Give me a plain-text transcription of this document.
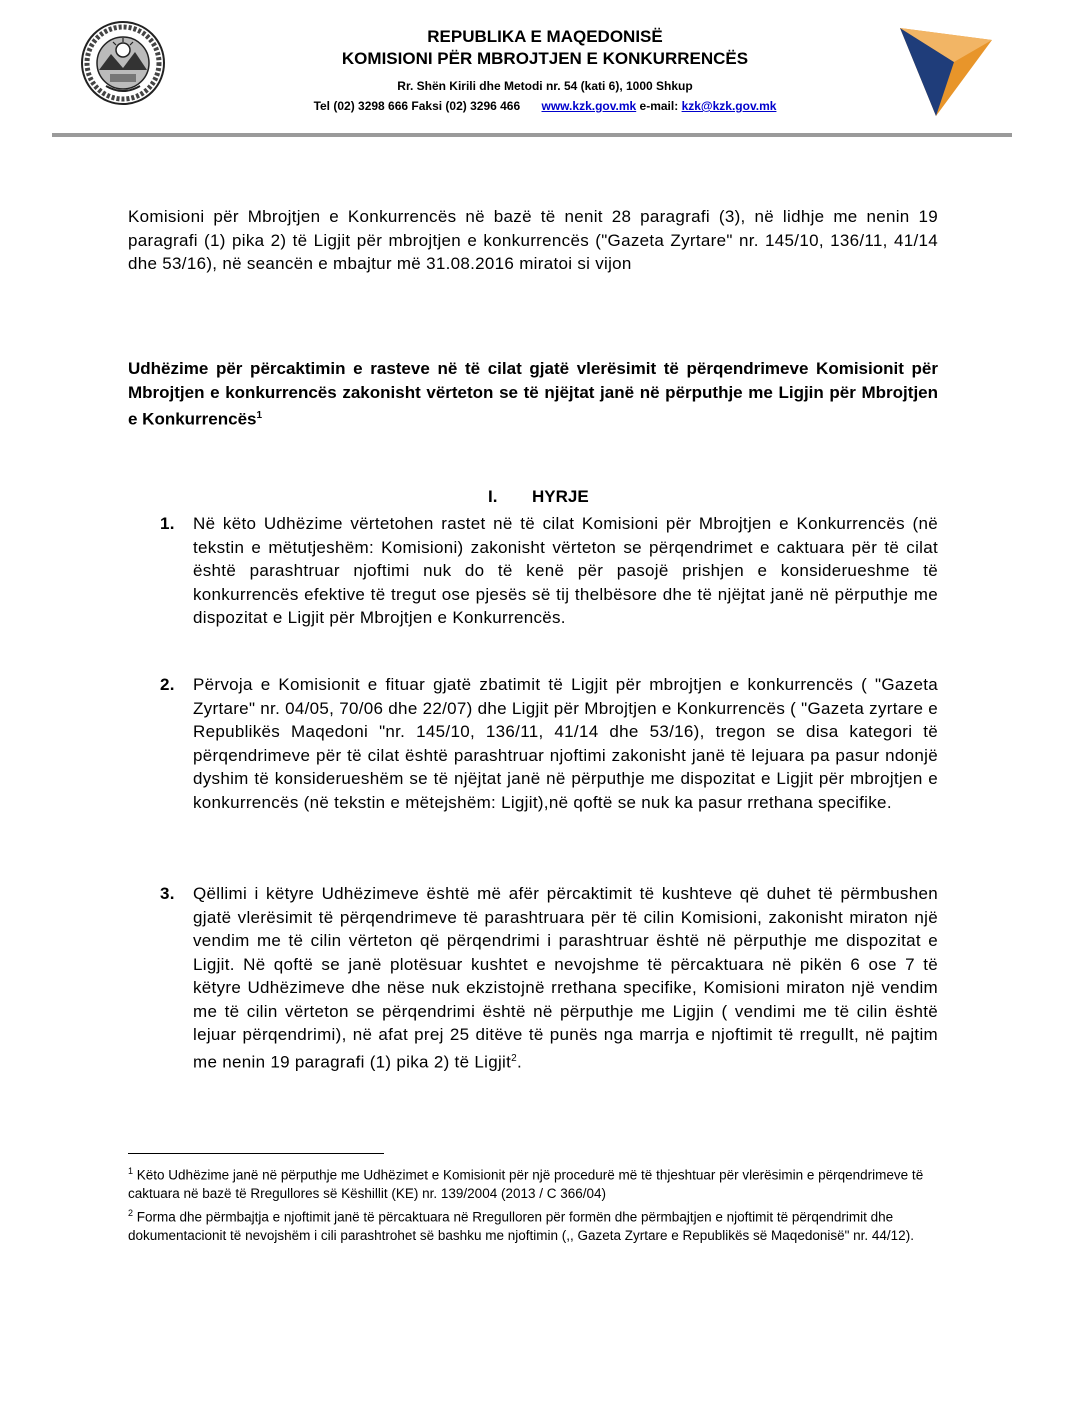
REPUBLIKA E MAQEDONISË
KOMISIONI PËR MBROJTJEN E KONKURRENCËS
Rr. Shën Kirili dhe Metodi nr. 54 (kati 6), 1000 Shkup
Tel (02) 3298 666 Faksi (02) 3296 466 www.kzk.gov.mk e-mail: kzk@kzk.gov.mk
Komisioni për Mbrojtjen e Konkurrencës në bazë të nenit 28 paragrafi (3), në lidhje me nenin 19 paragrafi (1) pika 2) të Ligjit për mbrojtjen e konkurrencës ("Gazeta Zyrtare" nr. 145/10, 136/11, 41/14 dhe 53/16), në seancën e mbajtur më 31.08.2016 miratoi si vijon
Udhëzime për përcaktimin e rasteve në të cilat gjatë vlerësimit të përqendrimeve Komisionit për Mbrojtjen e konkurrencës zakonisht vërteton se të njëjtat janë në përputhje me Ligjin për Mbrojtjen e Konkurrencës$^1$
I. HYRJE
1. Në këto Udhëzime vërtetohen rastet në të cilat Komisioni për Mbrojtjen e Konkurrencës (në tekstin e mëtutjeshëm: Komisioni) zakonisht vërteton se përqendrimet e caktuara për të cilat është parashtruar njoftimi nuk do të kenë për pasojë prishjen e konsiderueshme të konkurrencës efektive të tregut ose pjesës së tij thelbësore dhe të njëjtat janë në përputhje me dispozitat e Ligjit për Mbrojtjen e Konkurrencës.
2. Përvoja e Komisionit e fituar gjatë zbatimit të Ligjit për mbrojtjen e konkurrencës ( "Gazeta Zyrtare" nr. 04/05, 70/06 dhe 22/07) dhe Ligjit për Mbrojtjen e Konkurrencës ( "Gazeta zyrtare e Republikës Maqedoni "nr. 145/10, 136/11, 41/14 dhe 53/16), tregon se disa kategori të përqendrimeve për të cilat është parashtruar njoftimi zakonisht janë të lejuara pa pasur ndonjë dyshim të konsiderueshëm se të njëjtat janë në përputhje me dispozitat e Ligjit për mbrojtjen e konkurrencës (në tekstin e mëtejshëm: Ligjit),në qoftë se nuk ka pasur rrethana specifike.
3. Qëllimi i këtyre Udhëzimeve është më afër përcaktimit të kushteve që duhet të përmbushen gjatë vlerësimit të përqendrimeve të parashtruara për të cilin Komisioni, zakonisht miraton një vendim me të cilin vërteton që përqendrimi i parashtruar është në përputhje me dispozitat e Ligjit. Në qoftë se janë plotësuar kushtet e nevojshme të përcaktuara në pikën 6 ose 7 të këtyre Udhëzimeve dhe nëse nuk ekzistojnë rrethana specifike, Komisioni miraton një vendim me të cilin vërteton se përqendrimi është në përputhje me Ligjin ( vendimi me të cilin është lejuar përqendrimi), në afat prej 25 ditëve të punës nga marrja e njoftimit të rregullt, në pajtim me nenin 19 paragrafi (1) pika 2) të Ligjit$^2$.

$^1$ Këto Udhëzime janë në përputhje me Udhëzimet e Komisionit për një procedurë më të thjeshtuar për vlerësimin e përqendrimeve të caktuara në bazë të Rregullores së Këshillit (KE) nr. 139/2004 (2013 / C 366/04)

$^2$ Forma dhe përmbajtja e njoftimit janë të përcaktuara në Rregulloren për formën dhe përmbajtjen e njoftimit të përqendrimit dhe dokumentacionit të nevojshëm i cili parashtrohet së bashku me njoftimin (,, Gazeta Zyrtare e Republikës së Maqedonisë" nr. 44/12).
